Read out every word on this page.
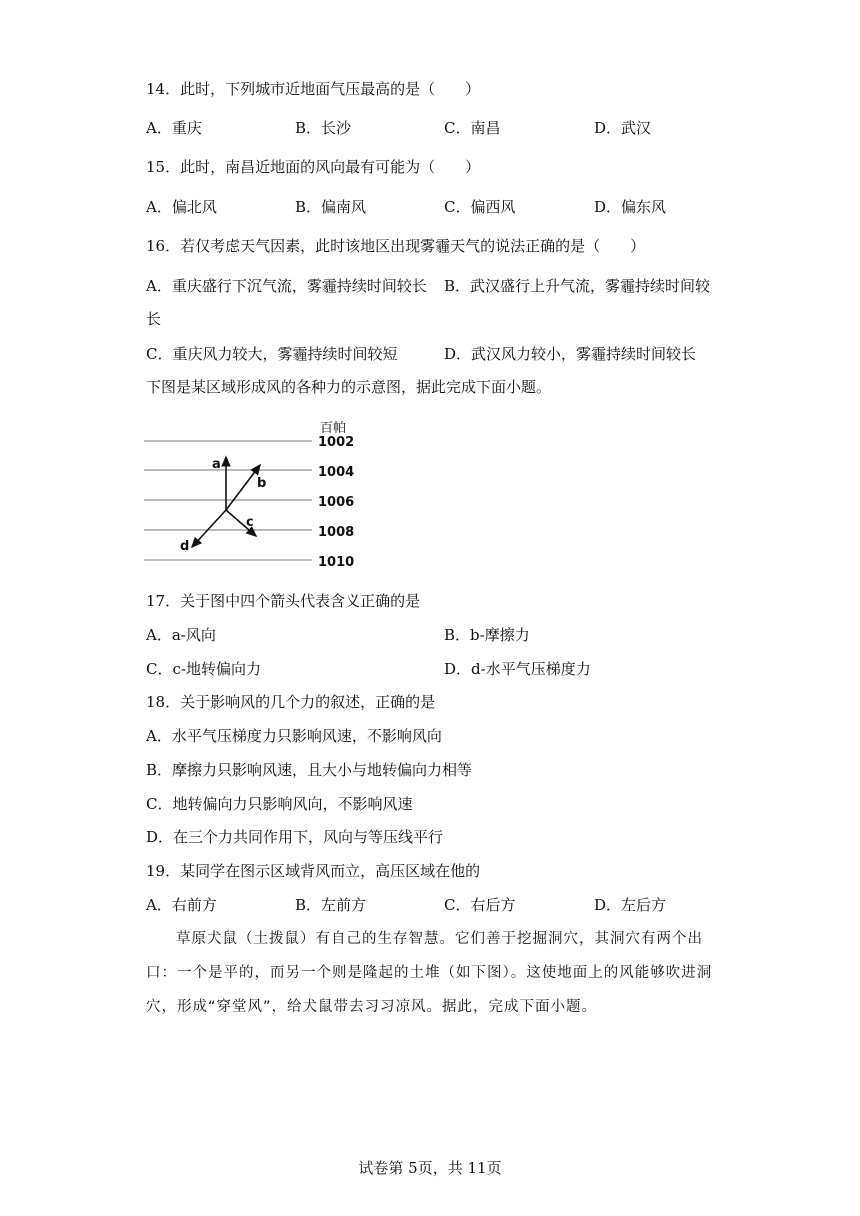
14．此时，下列城市近地面气压最高的是（　　）
A．重庆	B．长沙	C．南昌	D．武汉
15．此时，南昌近地面的风向最有可能为（　　）
A．偏北风	B．偏南风	C．偏西风	D．偏东风
16．若仅考虑天气因素，此时该地区出现雾霾天气的说法正确的是（　　）
A．重庆盛行下沉气流，雾霾持续时间较长 B．武汉盛行上升气流，雾霾持续时间较
长
C．重庆风力较大，雾霾持续时间较短	D．武汉风力较小，雾霾持续时间较长
下图是某区域形成风的各种力的示意图，据此完成下面小题。
百帕
1002
1004
1006
1008
1010
a
b
c
d
17．关于图中四个箭头代表含义正确的是
A．a-风向	B．b-摩擦力
C．c-地转偏向力	D．d-水平气压梯度力
18．关于影响风的几个力的叙述，正确的是
A．水平气压梯度力只影响风速，不影响风向
B．摩擦力只影响风速，且大小与地转偏向力相等
C．地转偏向力只影响风向，不影响风速
D．在三个力共同作用下，风向与等压线平行
19．某同学在图示区域背风而立，高压区域在他的
A．右前方	B．左前方	C．右后方	D．左后方
草原犬鼠（土拨鼠）有自己的生存智慧。它们善于挖掘洞穴，其洞穴有两个出口：一个是平的，而另一个则是隆起的土堆（如下图）。这使地面上的风能够吹进洞穴，形成“穿堂风”，给犬鼠带去习习凉风。据此，完成下面小题。
试卷第 5页，共 11页
